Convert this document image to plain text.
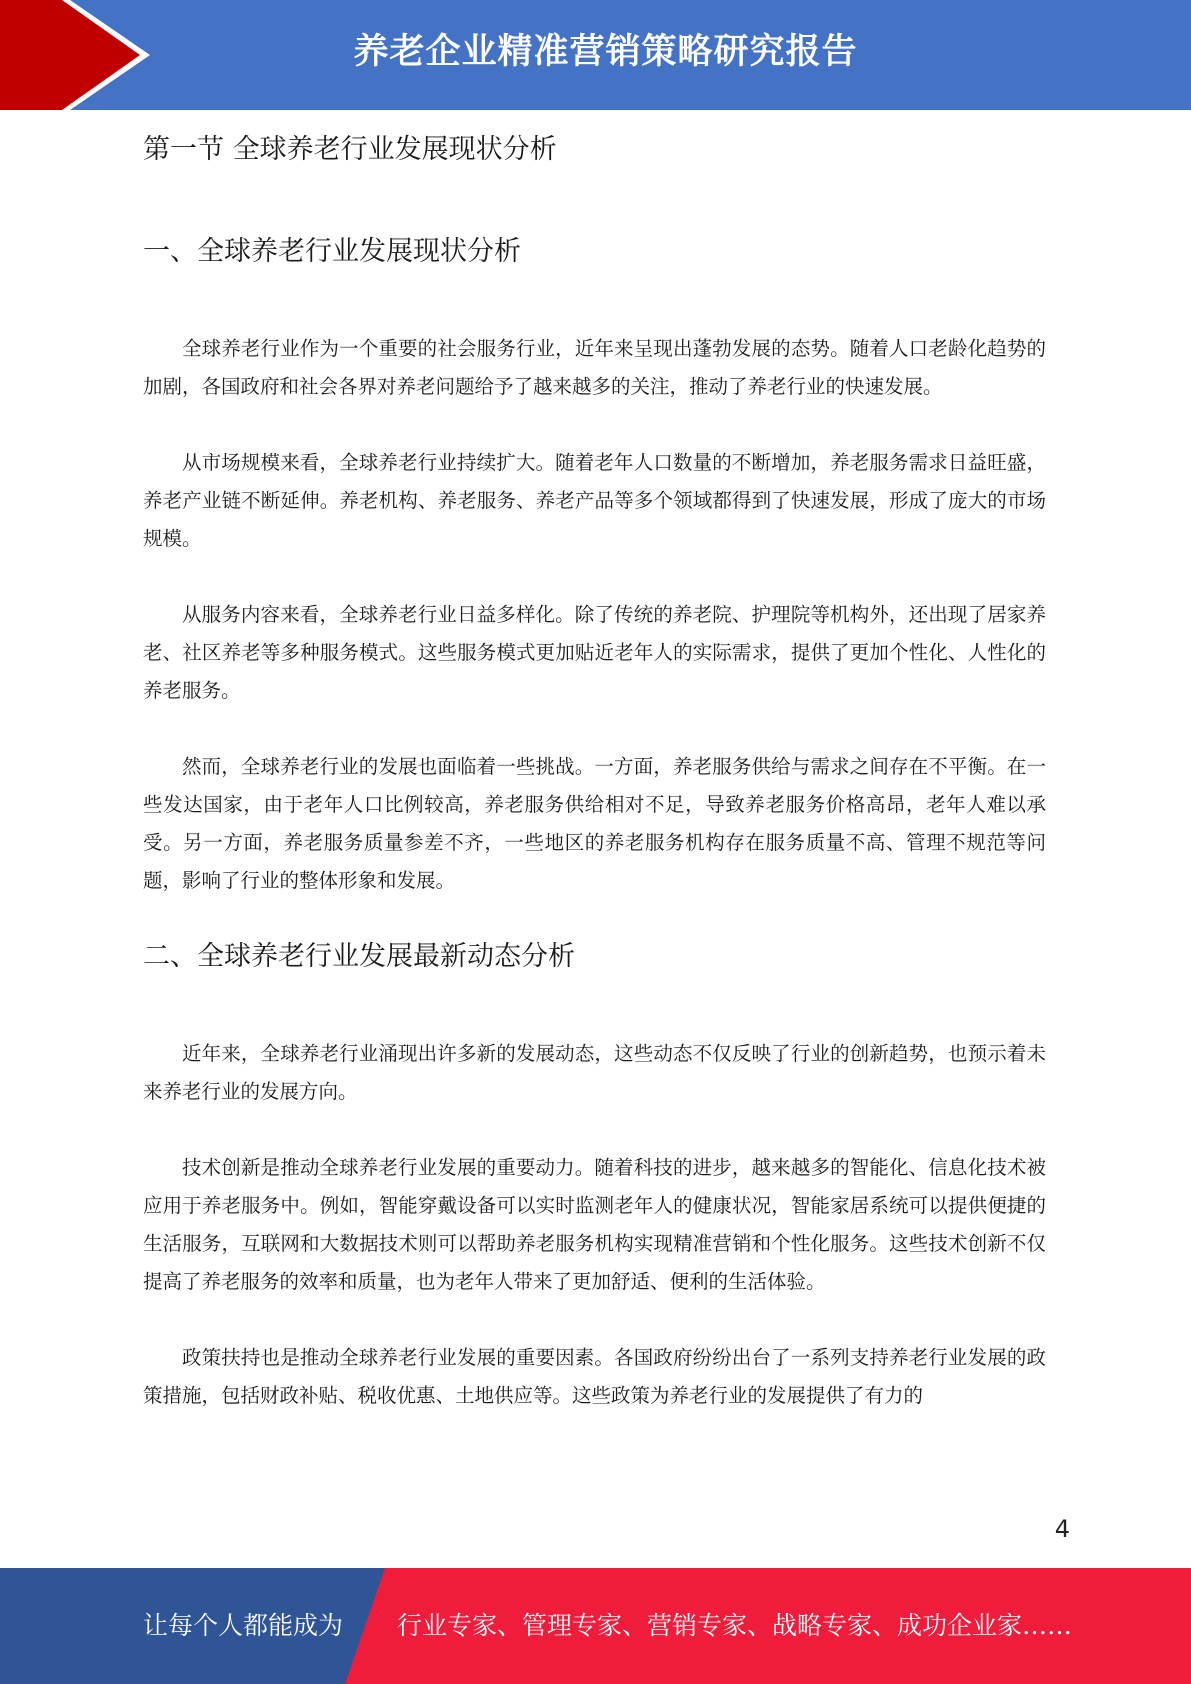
养老企业精准营销策略研究报告
第一节 全球养老行业发展现状分析
一、全球养老行业发展现状分析

全球养老行业作为一个重要的社会服务行业，近年来呈现出蓬勃发展的态势。随着人口老龄化趋势的加剧，各国政府和社会各界对养老问题给予了越来越多的关注，推动了养老行业的快速发展。

从市场规模来看，全球养老行业持续扩大。随着老年人口数量的不断增加，养老服务需求日益旺盛，养老产业链不断延伸。养老机构、养老服务、养老产品等多个领域都得到了快速发展，形成了庞大的市场规模。

从服务内容来看，全球养老行业日益多样化。除了传统的养老院、护理院等机构外，还出现了居家养老、社区养老等多种服务模式。这些服务模式更加贴近老年人的实际需求，提供了更加个性化、人性化的养老服务。

然而，全球养老行业的发展也面临着一些挑战。一方面，养老服务供给与需求之间存在不平衡。在一些发达国家，由于老年人口比例较高，养老服务供给相对不足，导致养老服务价格高昂，老年人难以承受。另一方面，养老服务质量参差不齐，一些地区的养老服务机构存在服务质量不高、管理不规范等问题，影响了行业的整体形象和发展。

二、全球养老行业发展最新动态分析

近年来，全球养老行业涌现出许多新的发展动态，这些动态不仅反映了行业的创新趋势，也预示着未来养老行业的发展方向。

技术创新是推动全球养老行业发展的重要动力。随着科技的进步，越来越多的智能化、信息化技术被应用于养老服务中。例如，智能穿戴设备可以实时监测老年人的健康状况，智能家居系统可以提供便捷的生活服务，互联网和大数据技术则可以帮助养老服务机构实现精准营销和个性化服务。这些技术创新不仅提高了养老服务的效率和质量，也为老年人带来了更加舒适、便利的生活体验。

政策扶持也是推动全球养老行业发展的重要因素。各国政府纷纷出台了一系列支持养老行业发展的政策措施，包括财政补贴、税收优惠、土地供应等。这些政策为养老行业的发展提供了有力的

4
让每个人都能成为 行业专家、管理专家、营销专家、战略专家、成功企业家……
